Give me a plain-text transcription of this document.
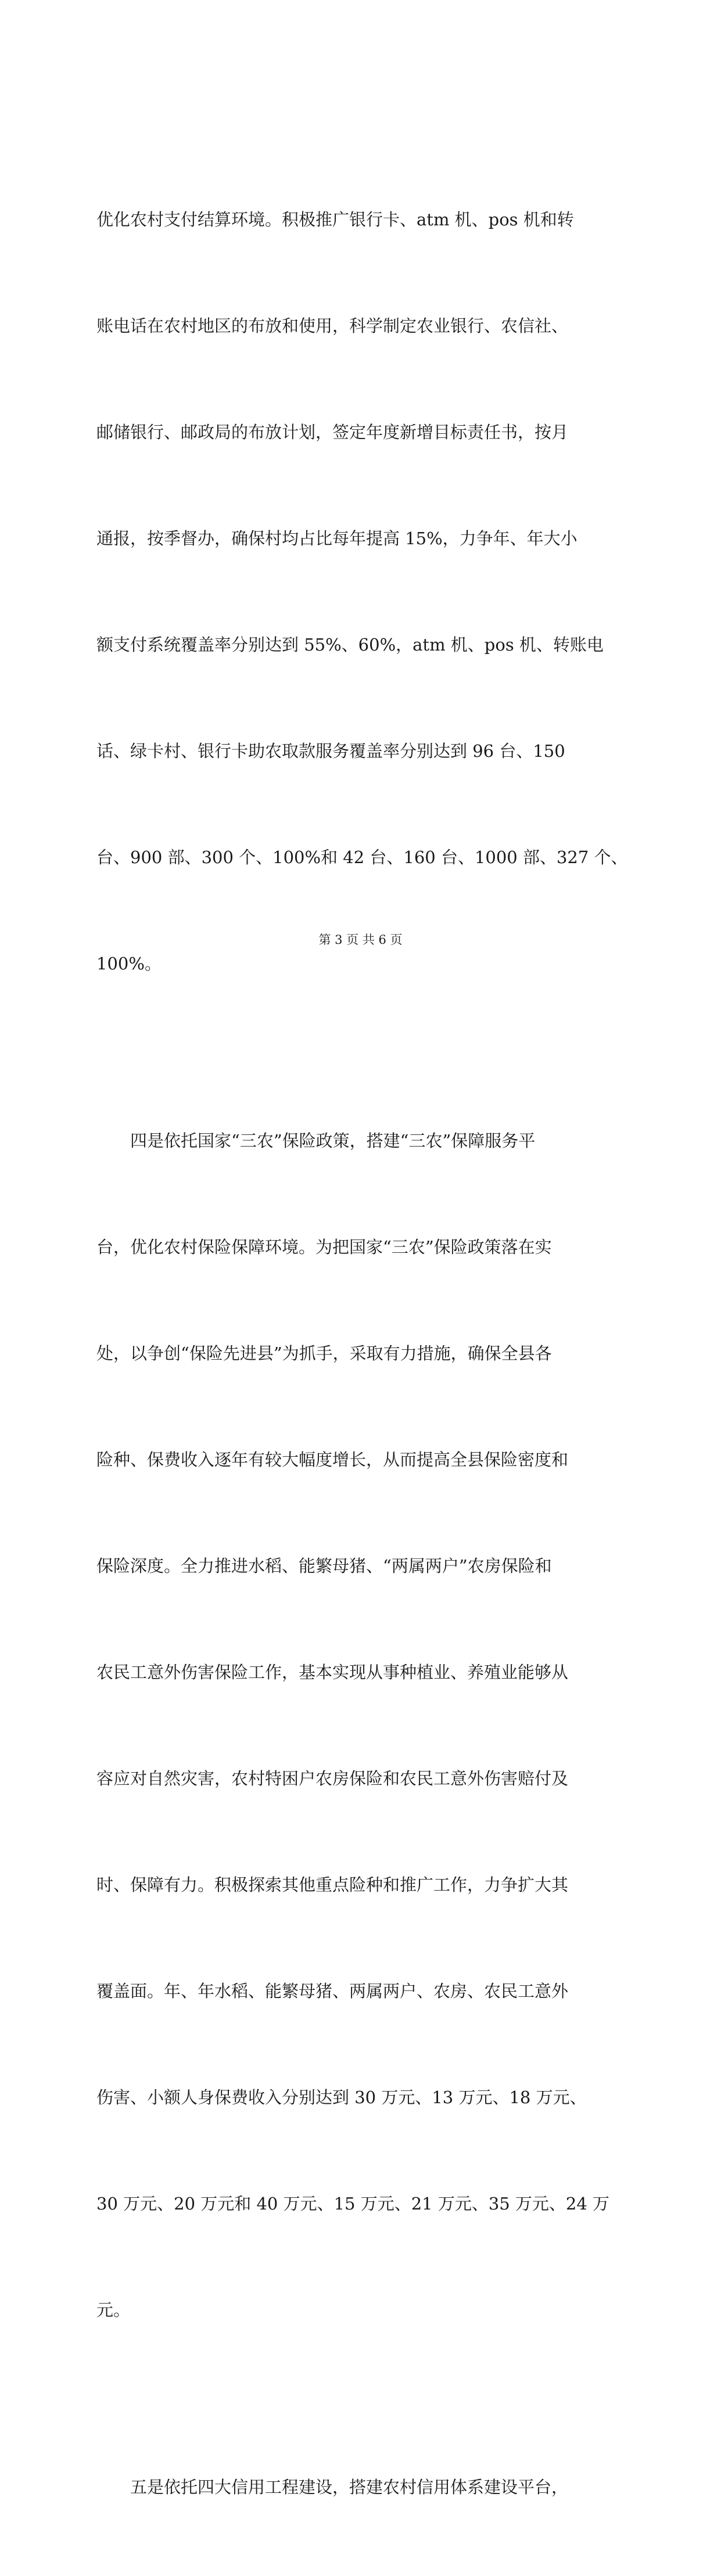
优化农村支付结算环境。积极推广银行卡、atm 机、pos 机和转

账电话在农村地区的布放和使用，科学制定农业银行、农信社、

邮储银行、邮政局的布放计划，签定年度新增目标责任书，按月

通报，按季督办，确保村均占比每年提高 15%，力争年、年大小

额支付系统覆盖率分别达到 55%、60%，atm 机、pos 机、转账电

话、绿卡村、银行卡助农取款服务覆盖率分别达到 96 台、150

台、900 部、300 个、100%和 42 台、160 台、1000 部、327 个、

100%。

四是依托国家“三农”保险政策，搭建“三农”保障服务平

台，优化农村保险保障环境。为把国家“三农”保险政策落在实

处，以争创“保险先进县”为抓手，采取有力措施，确保全县各

险种、保费收入逐年有较大幅度增长，从而提高全县保险密度和

保险深度。全力推进水稻、能繁母猪、“两属两户”农房保险和

农民工意外伤害保险工作，基本实现从事种植业、养殖业能够从

容应对自然灾害，农村特困户农房保险和农民工意外伤害赔付及

时、保障有力。积极探索其他重点险种和推广工作，力争扩大其

覆盖面。年、年水稻、能繁母猪、两属两户、农房、农民工意外

伤害、小额人身保费收入分别达到 30 万元、13 万元、18 万元、

30 万元、20 万元和 40 万元、15 万元、21 万元、35 万元、24 万

元。

五是依托四大信用工程建设，搭建农村信用体系建设平台，

第 3 页 共 6 页
